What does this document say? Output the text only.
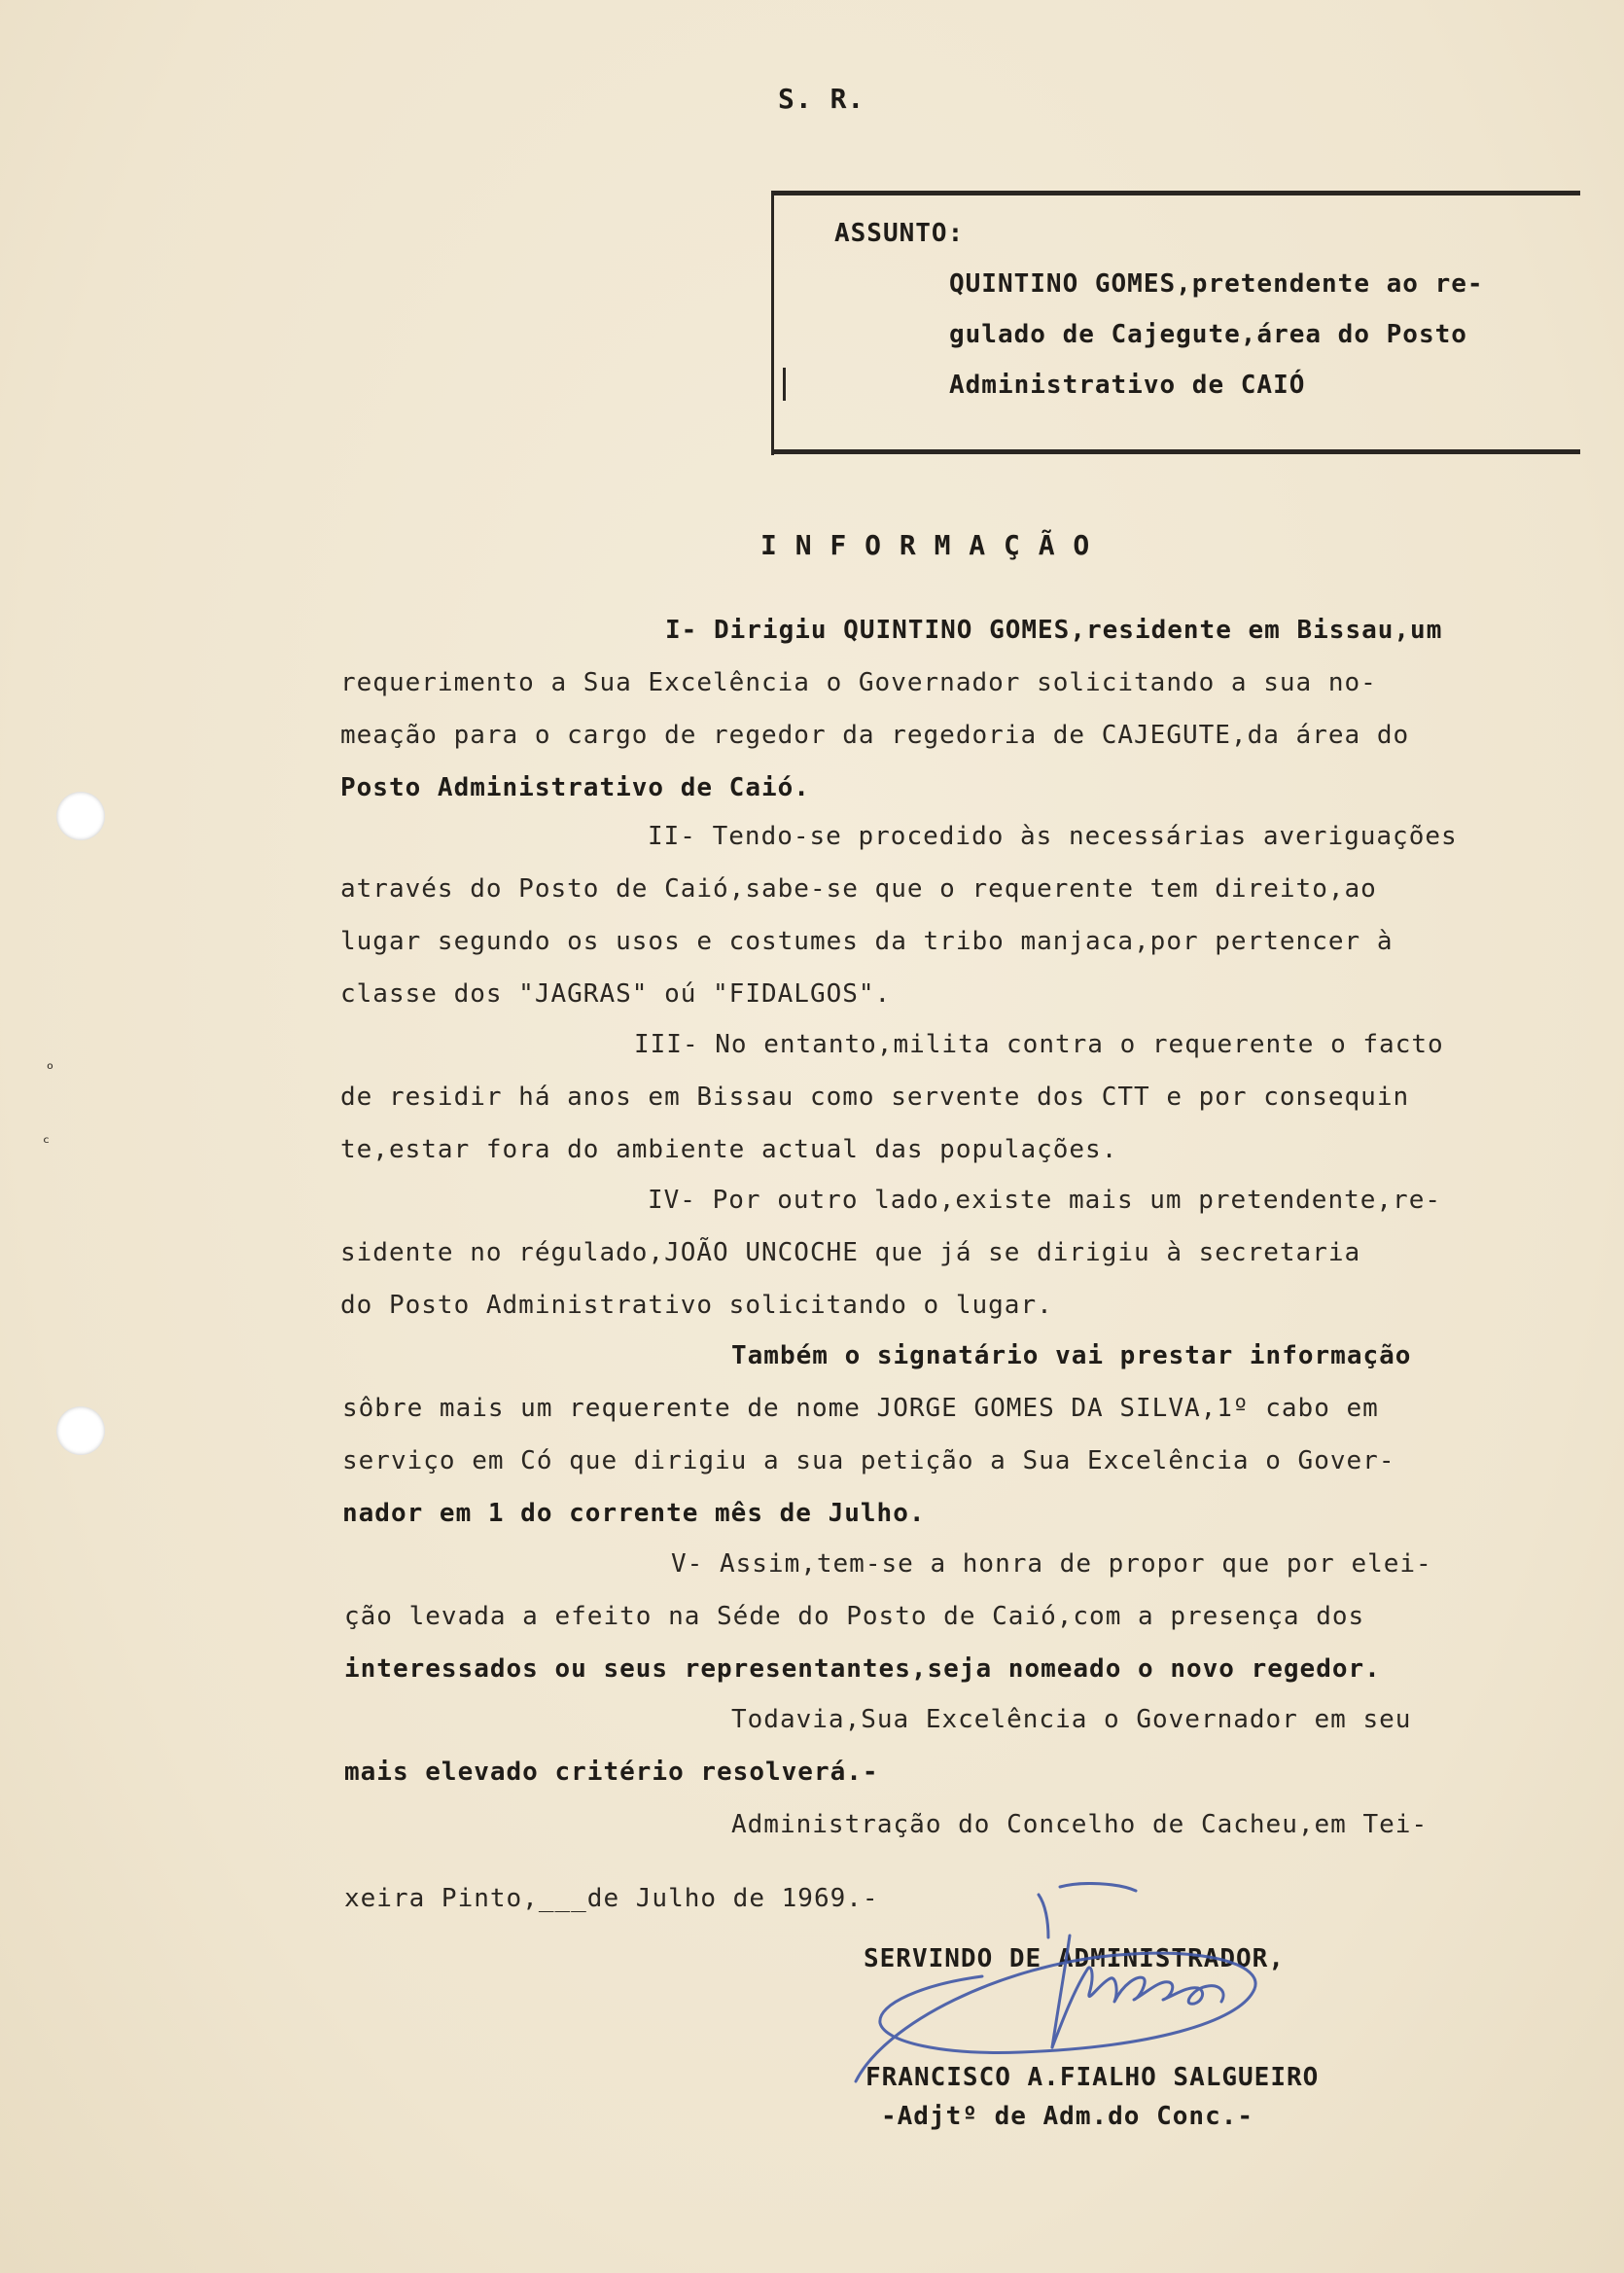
S. R.
ASSUNTO:
QUINTINO GOMES,pretendente ao re-
gulado de Cajegute,área do Posto
Administrativo de CAIÓ
I N F O R M A Ç Ã O
I- Dirigiu QUINTINO GOMES,residente em Bissau,um
requerimento a Sua Excelência o Governador solicitando a sua no-
meação para o cargo de regedor da regedoria de CAJEGUTE,da área do
Posto Administrativo de Caió.
II- Tendo-se procedido às necessárias averiguações
através do Posto de Caió,sabe-se que o requerente tem direito,ao
lugar segundo os usos e costumes da tribo manjaca,por pertencer à
classe dos "JAGRAS" oú "FIDALGOS".
III- No entanto,milita contra o requerente o facto
de residir há anos em Bissau como servente dos CTT e por consequin
te,estar fora do ambiente actual das populações.
IV- Por outro lado,existe mais um pretendente,re-
sidente no régulado,JOÃO UNCOCHE que já se dirigiu à secretaria
do Posto Administrativo solicitando o lugar.
Também o signatário vai prestar informação
sôbre mais um requerente de nome JORGE GOMES DA SILVA,1º cabo em
serviço em Có que dirigiu a sua petição a Sua Excelência o Gover-
nador em 1 do corrente mês de Julho.
V- Assim,tem-se a honra de propor que por elei-
ção levada a efeito na Séde do Posto de Caió,com a presença dos
interessados ou seus representantes,seja nomeado o novo regedor.
Todavia,Sua Excelência o Governador em seu
mais elevado critério resolverá.-
Administração do Concelho de Cacheu,em Tei-
xeira Pinto,___de Julho de 1969.-
SERVINDO DE ADMINISTRADOR,
FRANCISCO A.FIALHO SALGUEIRO
-Adjtº de Adm.do Conc.-
ₒ
ᶜ
